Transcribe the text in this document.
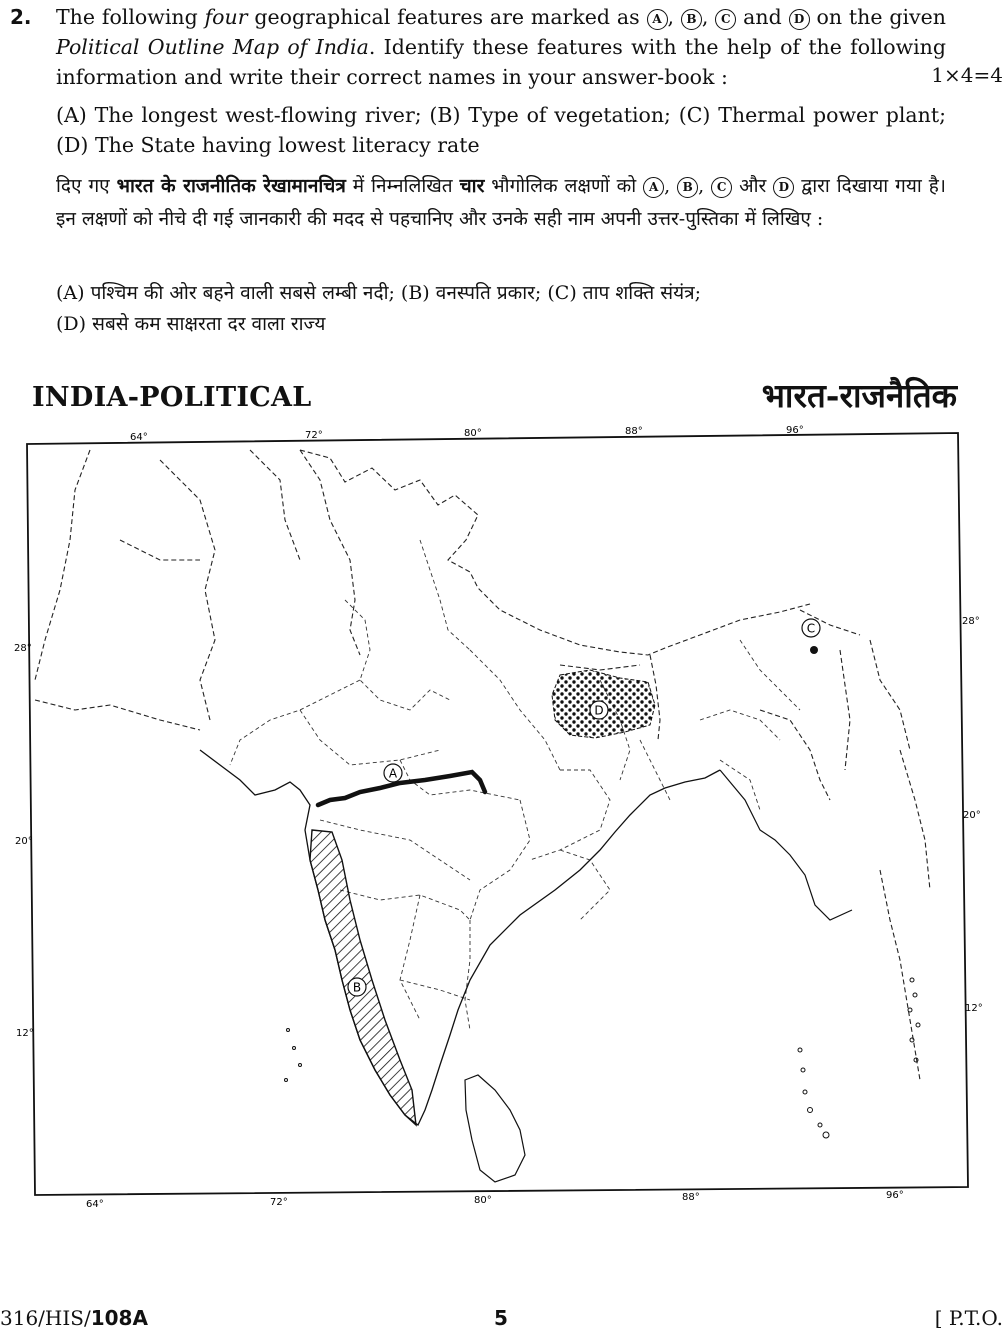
2. The following four geographical features are marked as A , B , C and D on the given Political Outline Map of India. Identify these features with the help of the following information and write their correct names in your answer-book :	1×4=4
(A) The longest west-flowing river; (B) Type of vegetation; (C) Thermal power plant; (D) The State having lowest literacy rate
दिए गए भारत के राजनीतिक रेखामानचित्र में निम्नलिखित चार भौगोलिक लक्षणों को A , B , C और D द्वारा दिखाया गया है। इन लक्षणों को नीचे दी गई जानकारी की मदद से पहचानिए और उनके सही नाम अपनी उत्तर-पुस्तिका में लिखिए :
(A) पश्चिम की ओर बहने वाली सबसे लम्बी नदी; (B) वनस्पति प्रकार; (C) ताप शक्ति संयंत्र;
(D) सबसे कम साक्षरता दर वाला राज्य
INDIA-POLITICAL	भारत-राजनैतिक
64°	72°	80°	88°	96°
64°	72°	80°	88°	96°
28°
20°
12°
28°
20°
12°
A
B
C
D
316/HIS/108A	5	[ P.T.O.
